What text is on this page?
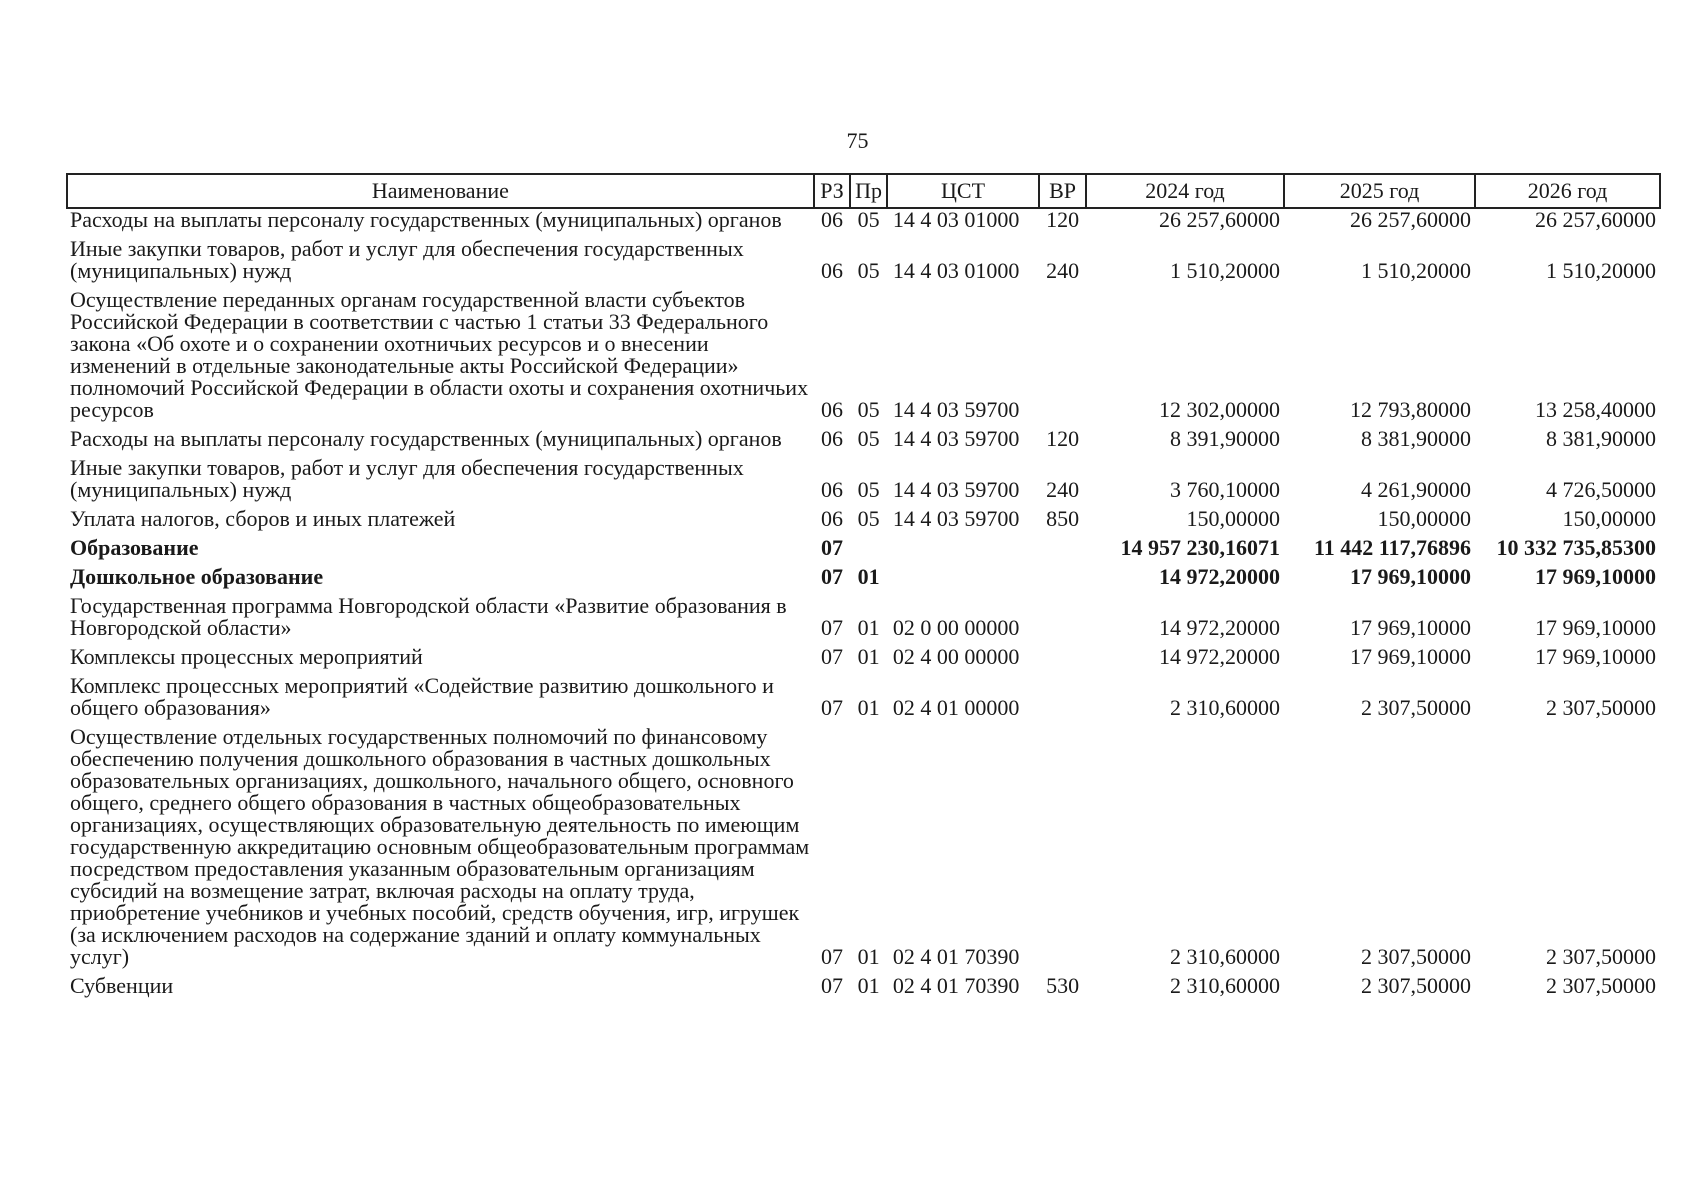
75
Наименование	РЗ	Пр	ЦСТ	ВР	2024 год	2025 год	2026 год
Расходы на выплаты персоналу государственных (муниципальных) органов	06	05	14 4 03 01000	120	26 257,60000	26 257,60000	26 257,60000
Иные закупки товаров, работ и услуг для обеспечения государственных (муниципальных) нужд	06	05	14 4 03 01000	240	1 510,20000	1 510,20000	1 510,20000
Осуществление переданных органам государственной власти субъектов Российской Федерации в соответствии с частью 1 статьи 33 Федерального закона «Об охоте и о сохранении охотничьих ресурсов и о внесении изменений в отдельные законодательные акты Российской Федерации» полномочий Российской Федерации в области охоты и сохранения охотничьих ресурсов	06	05	14 4 03 59700		12 302,00000	12 793,80000	13 258,40000
Расходы на выплаты персоналу государственных (муниципальных) органов	06	05	14 4 03 59700	120	8 391,90000	8 381,90000	8 381,90000
Иные закупки товаров, работ и услуг для обеспечения государственных (муниципальных) нужд	06	05	14 4 03 59700	240	3 760,10000	4 261,90000	4 726,50000
Уплата налогов, сборов и иных платежей	06	05	14 4 03 59700	850	150,00000	150,00000	150,00000
Образование	07				14 957 230,16071	11 442 117,76896	10 332 735,85300
Дошкольное образование	07	01			14 972,20000	17 969,10000	17 969,10000
Государственная программа Новгородской области «Развитие образования в Новгородской области»	07	01	02 0 00 00000		14 972,20000	17 969,10000	17 969,10000
Комплексы процессных мероприятий	07	01	02 4 00 00000		14 972,20000	17 969,10000	17 969,10000
Комплекс процессных мероприятий «Содействие развитию дошкольного и общего образования»	07	01	02 4 01 00000		2 310,60000	2 307,50000	2 307,50000
Осуществление отдельных государственных полномочий по финансовому обеспечению получения дошкольного образования в частных дошкольных образовательных организациях, дошкольного, начального общего, основного общего, среднего общего образования в частных общеобразовательных организациях, осуществляющих образовательную деятельность по имеющим государственную аккредитацию основным общеобразовательным программам посредством предоставления указанным образовательным организациям субсидий на возмещение затрат, включая расходы на оплату труда, приобретение учебников и учебных пособий, средств обучения, игр, игрушек (за исключением расходов на содержание зданий и оплату коммунальных услуг)	07	01	02 4 01 70390		2 310,60000	2 307,50000	2 307,50000
Субвенции	07	01	02 4 01 70390	530	2 310,60000	2 307,50000	2 307,50000
